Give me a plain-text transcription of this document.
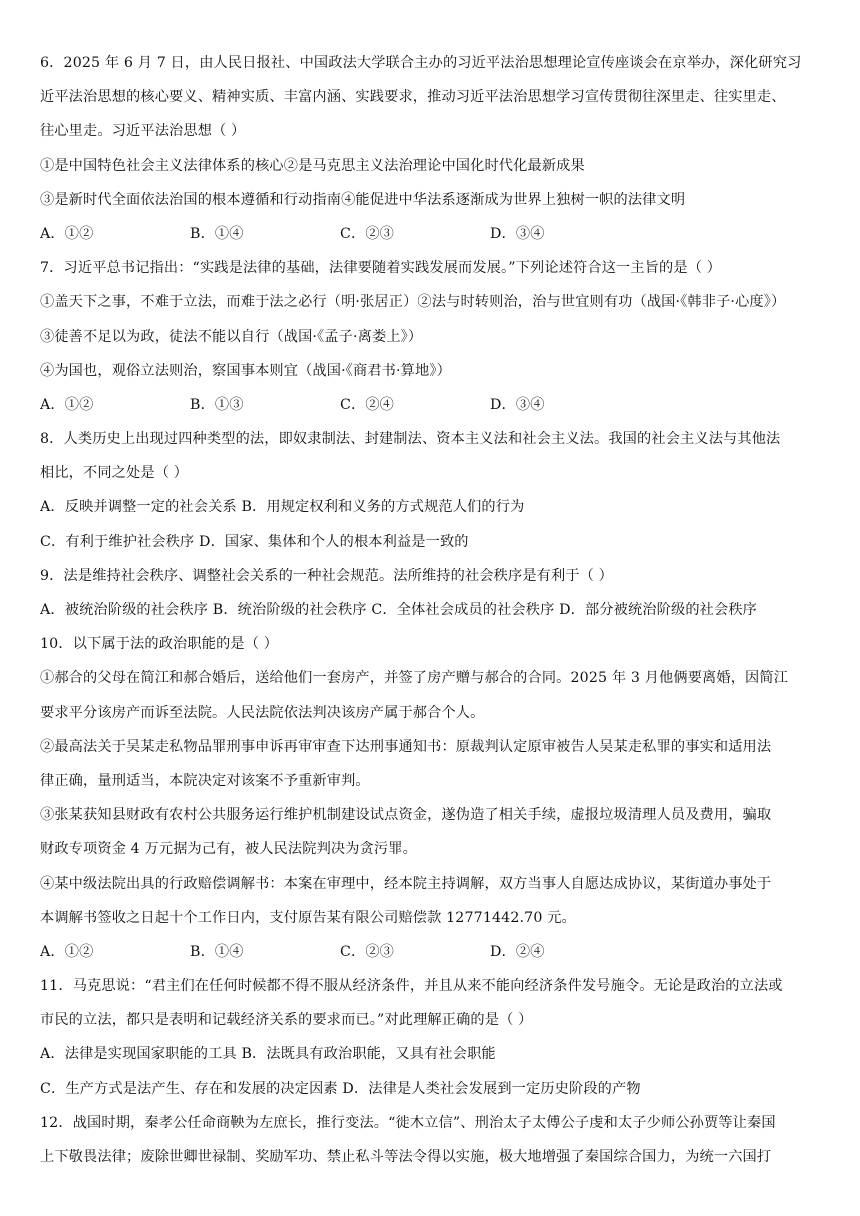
6．2025 年 6 月 7 日，由人民日报社、中国政法大学联合主办的习近平法治思想理论宣传座谈会在京举办，深化研究习
近平法治思想的核心要义、精神实质、丰富内涵、实践要求，推动习近平法治思想学习宣传贯彻往深里走、往实里走、
往心里走。习近平法治思想（ ）
①是中国特色社会主义法律体系的核心②是马克思主义法治理论中国化时代化最新成果
③是新时代全面依法治国的根本遵循和行动指南④能促进中华法系逐渐成为世界上独树一帜的法律文明
A．①②	B．①④	C．②③	D．③④
7．习近平总书记指出：“实践是法律的基础，法律要随着实践发展而发展。”下列论述符合这一主旨的是（ ）
①盖天下之事，不难于立法，而难于法之必行（明·张居正）②法与时转则治，治与世宜则有功（战国·《韩非子·心度》）
③徒善不足以为政，徒法不能以自行（战国·《孟子·离娄上》）
④为国也，观俗立法则治，察国事本则宜（战国·《商君书·算地》）
A．①②	B．①③	C．②④	D．③④
8．人类历史上出现过四种类型的法，即奴隶制法、封建制法、资本主义法和社会主义法。我国的社会主义法与其他法
相比，不同之处是（ ）
A．反映并调整一定的社会关系 B．用规定权利和义务的方式规范人们的行为
C．有利于维护社会秩序 D．国家、集体和个人的根本利益是一致的
9．法是维持社会秩序、调整社会关系的一种社会规范。法所维持的社会秩序是有利于（ ）
A．被统治阶级的社会秩序 B．统治阶级的社会秩序 C．全体社会成员的社会秩序 D．部分被统治阶级的社会秩序
10．以下属于法的政治职能的是（ ）
①郝合的父母在简江和郝合婚后，送给他们一套房产，并签了房产赠与郝合的合同。2025 年 3 月他俩要离婚，因简江
要求平分该房产而诉至法院。人民法院依法判决该房产属于郝合个人。
②最高法关于吴某走私物品罪刑事申诉再审审查下达刑事通知书：原裁判认定原审被告人吴某走私罪的事实和适用法
律正确，量刑适当，本院决定对该案不予重新审判。
③张某获知县财政有农村公共服务运行维护机制建设试点资金，遂伪造了相关手续，虚报垃圾清理人员及费用，骗取
财政专项资金 4 万元据为己有，被人民法院判决为贪污罪。
④某中级法院出具的行政赔偿调解书：本案在审理中，经本院主持调解，双方当事人自愿达成协议，某街道办事处于
本调解书签收之日起十个工作日内，支付原告某有限公司赔偿款 12771442.70 元。
A．①②	B．①④	C．②③	D．②④
11．马克思说：“君主们在任何时候都不得不服从经济条件，并且从来不能向经济条件发号施令。无论是政治的立法或
市民的立法，都只是表明和记载经济关系的要求而已。”对此理解正确的是（ ）
A．法律是实现国家职能的工具 B．法既具有政治职能，又具有社会职能
C．生产方式是法产生、存在和发展的决定因素 D．法律是人类社会发展到一定历史阶段的产物
12．战国时期，秦孝公任命商鞅为左庶长，推行变法。“徙木立信”、刑治太子太傅公子虔和太子少师公孙贾等让秦国
上下敬畏法律；废除世卿世禄制、奖励军功、禁止私斗等法令得以实施，极大地增强了秦国综合国力，为统一六国打
